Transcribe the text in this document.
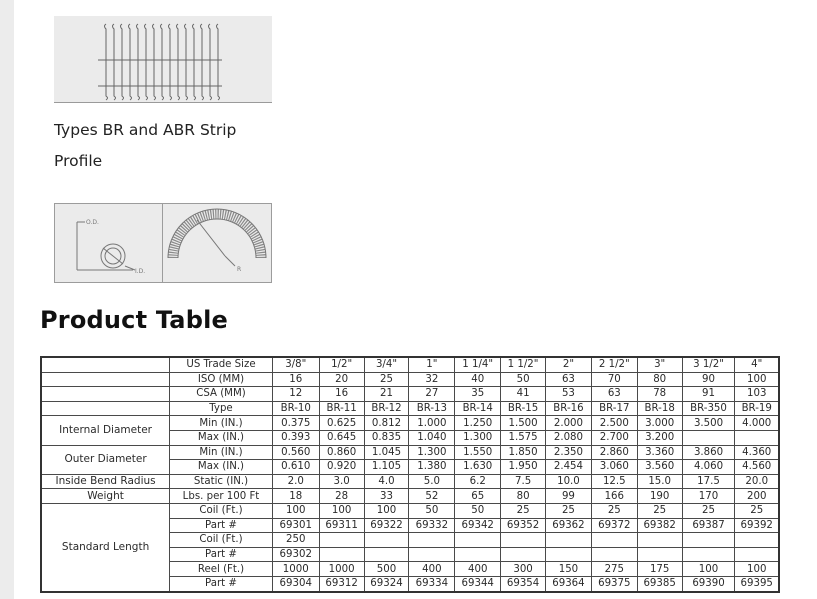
Types BR and ABR Strip
Profile
O.D.
I.D.	R
Product Table
	US Trade Size	3/8"	1/2"	3/4"	1"	1 1/4"	1 1/2"	2"	2 1/2"	3"	3 1/2"	4"
	ISO (MM)	16	20	25	32	40	50	63	70	80	90	100
	CSA (MM)	12	16	21	27	35	41	53	63	78	91	103
	Type	BR-10	BR-11	BR-12	BR-13	BR-14	BR-15	BR-16	BR-17	BR-18	BR-350	BR-19
Internal Diameter	Min (IN.)	0.375	0.625	0.812	1.000	1.250	1.500	2.000	2.500	3.000	3.500	4.000
	Max (IN.)	0.393	0.645	0.835	1.040	1.300	1.575	2.080	2.700	3.200		
Outer Diameter	Min (IN.)	0.560	0.860	1.045	1.300	1.550	1.850	2.350	2.860	3.360	3.860	4.360
	Max (IN.)	0.610	0.920	1.105	1.380	1.630	1.950	2.454	3.060	3.560	4.060	4.560
Inside Bend Radius	Static (IN.)	2.0	3.0	4.0	5.0	6.2	7.5	10.0	12.5	15.0	17.5	20.0
Weight	Lbs. per 100 Ft	18	28	33	52	65	80	99	166	190	170	200
Standard Length	Coil (Ft.)	100	100	100	50	50	25	25	25	25	25	25
	Part #	69301	69311	69322	69332	69342	69352	69362	69372	69382	69387	69392
	Coil (Ft.)	250										
	Part #	69302										
	Reel (Ft.)	1000	1000	500	400	400	300	150	275	175	100	100
	Part #	69304	69312	69324	69334	69344	69354	69364	69375	69385	69390	69395
